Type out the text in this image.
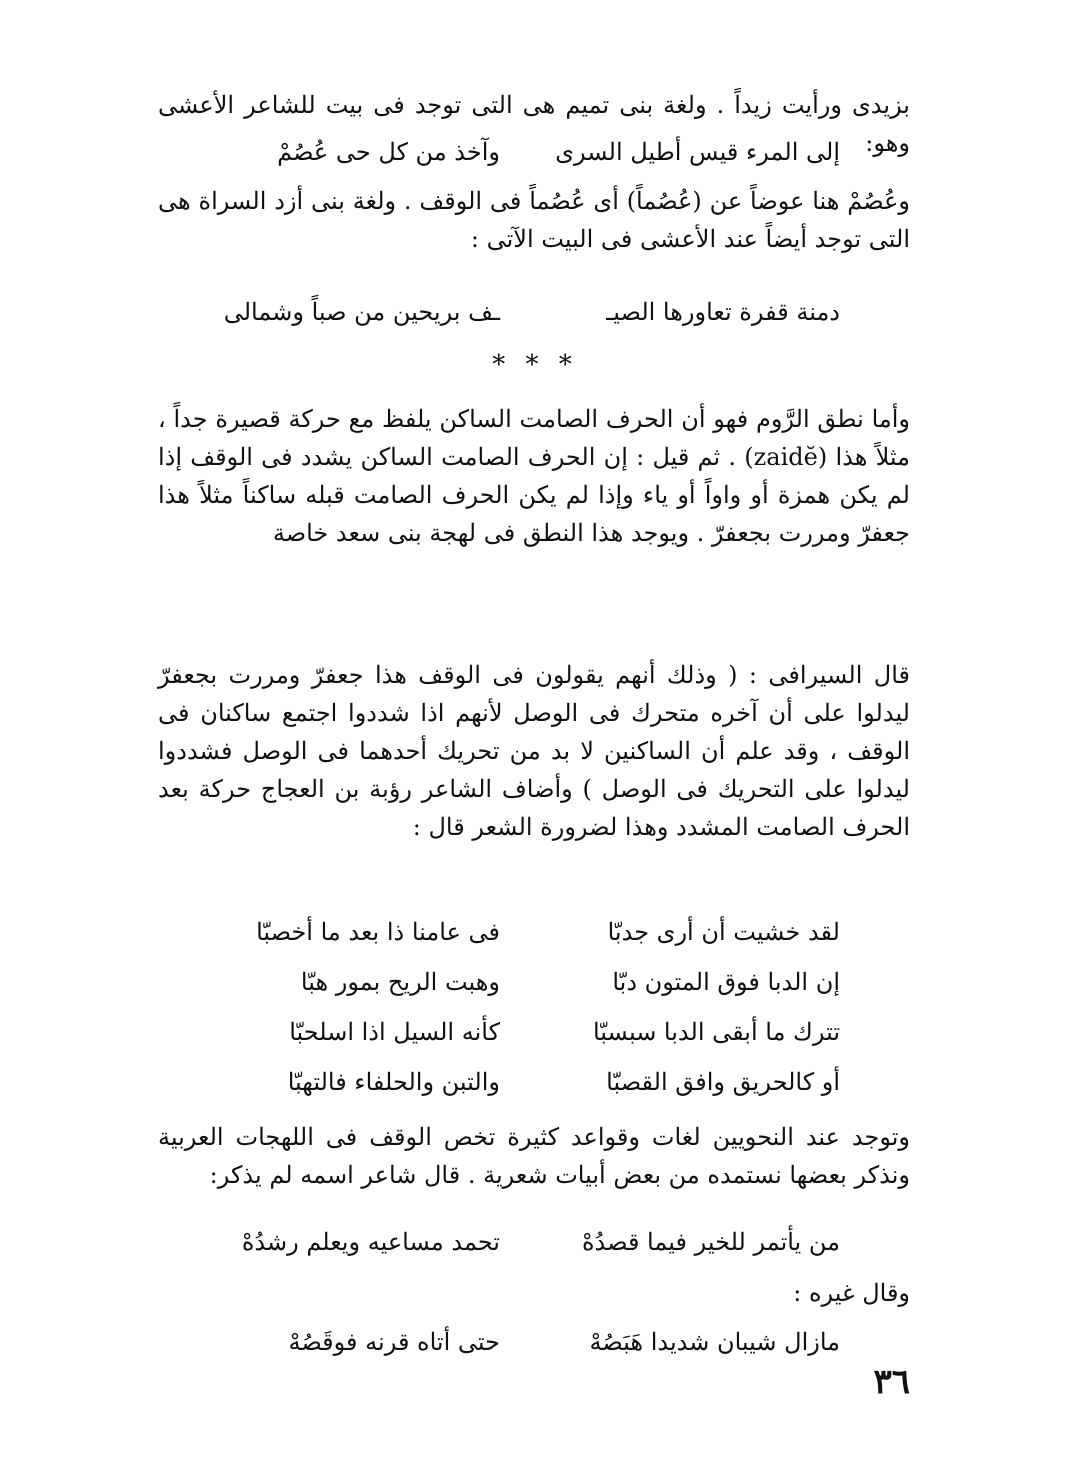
بزيدى ورأيت زيداً . ولغة بنى تميم هى التى توجد فى بيت للشاعر الأعشى وهو:
إلى المرء قيس أطيل السرى
وآخذ من كل حى عُصُمْ
وعُصُمْ هنا عوضاً عن (عُصُماً) أى عُصُماً فى الوقف . ولغة بنى أزد السراة هى التى توجد أيضاً عند الأعشى فى البيت الآتى :
دمنة قفرة تعاورها الصيـ
ـف بريحين من صباً وشمالى
* * *
وأما نطق الرَّوم فهو أن الحرف الصامت الساكن يلفظ مع حركة قصيرة جداً ، مثلاً هذا (zaidĕ) . ثم قيل : إن الحرف الصامت الساكن يشدد فى الوقف إذا لم يكن همزة أو واواً أو ياء وإذا لم يكن الحرف الصامت قبله ساكناً مثلاً هذا جعفرّ ومررت بجعفرّ . ويوجد هذا النطق فى لهجة بنى سعد خاصة
قال السيرافى : ( وذلك أنهم يقولون فى الوقف هذا جعفرّ ومررت بجعفرّ ليدلوا على أن آخره متحرك فى الوصل لأنهم اذا شددوا اجتمع ساكنان فى الوقف ، وقد علم أن الساكنين لا بد من تحريك أحدهما فى الوصل فشددوا ليدلوا على التحريك فى الوصل ) وأضاف الشاعر رؤبة بن العجاج حركة بعد الحرف الصامت المشدد وهذا لضرورة الشعر قال :
لقد خشيت أن أرى جدبّا
فى عامنا ذا بعد ما أخصبّا
إن الدبا فوق المتون دبّا
وهبت الريح بمور هبّا
تترك ما أبقى الدبا سبسبّا
كأنه السيل اذا اسلحبّا
أو كالحريق وافق القصبّا
والتبن والحلفاء فالتهبّا
وتوجد عند النحويين لغات وقواعد كثيرة تخص الوقف فى اللهجات العربية ونذكر بعضها نستمده من بعض أبيات شعرية . قال شاعر اسمه لم يذكر:
من يأتمر للخير فيما قصدُهْ
تحمد مساعيه ويعلم رشدُهْ
وقال غيره :
مازال شيبان شديدا هَبَصُهْ
حتى أتاه قرنه فوقَصُهْ
٣٦
